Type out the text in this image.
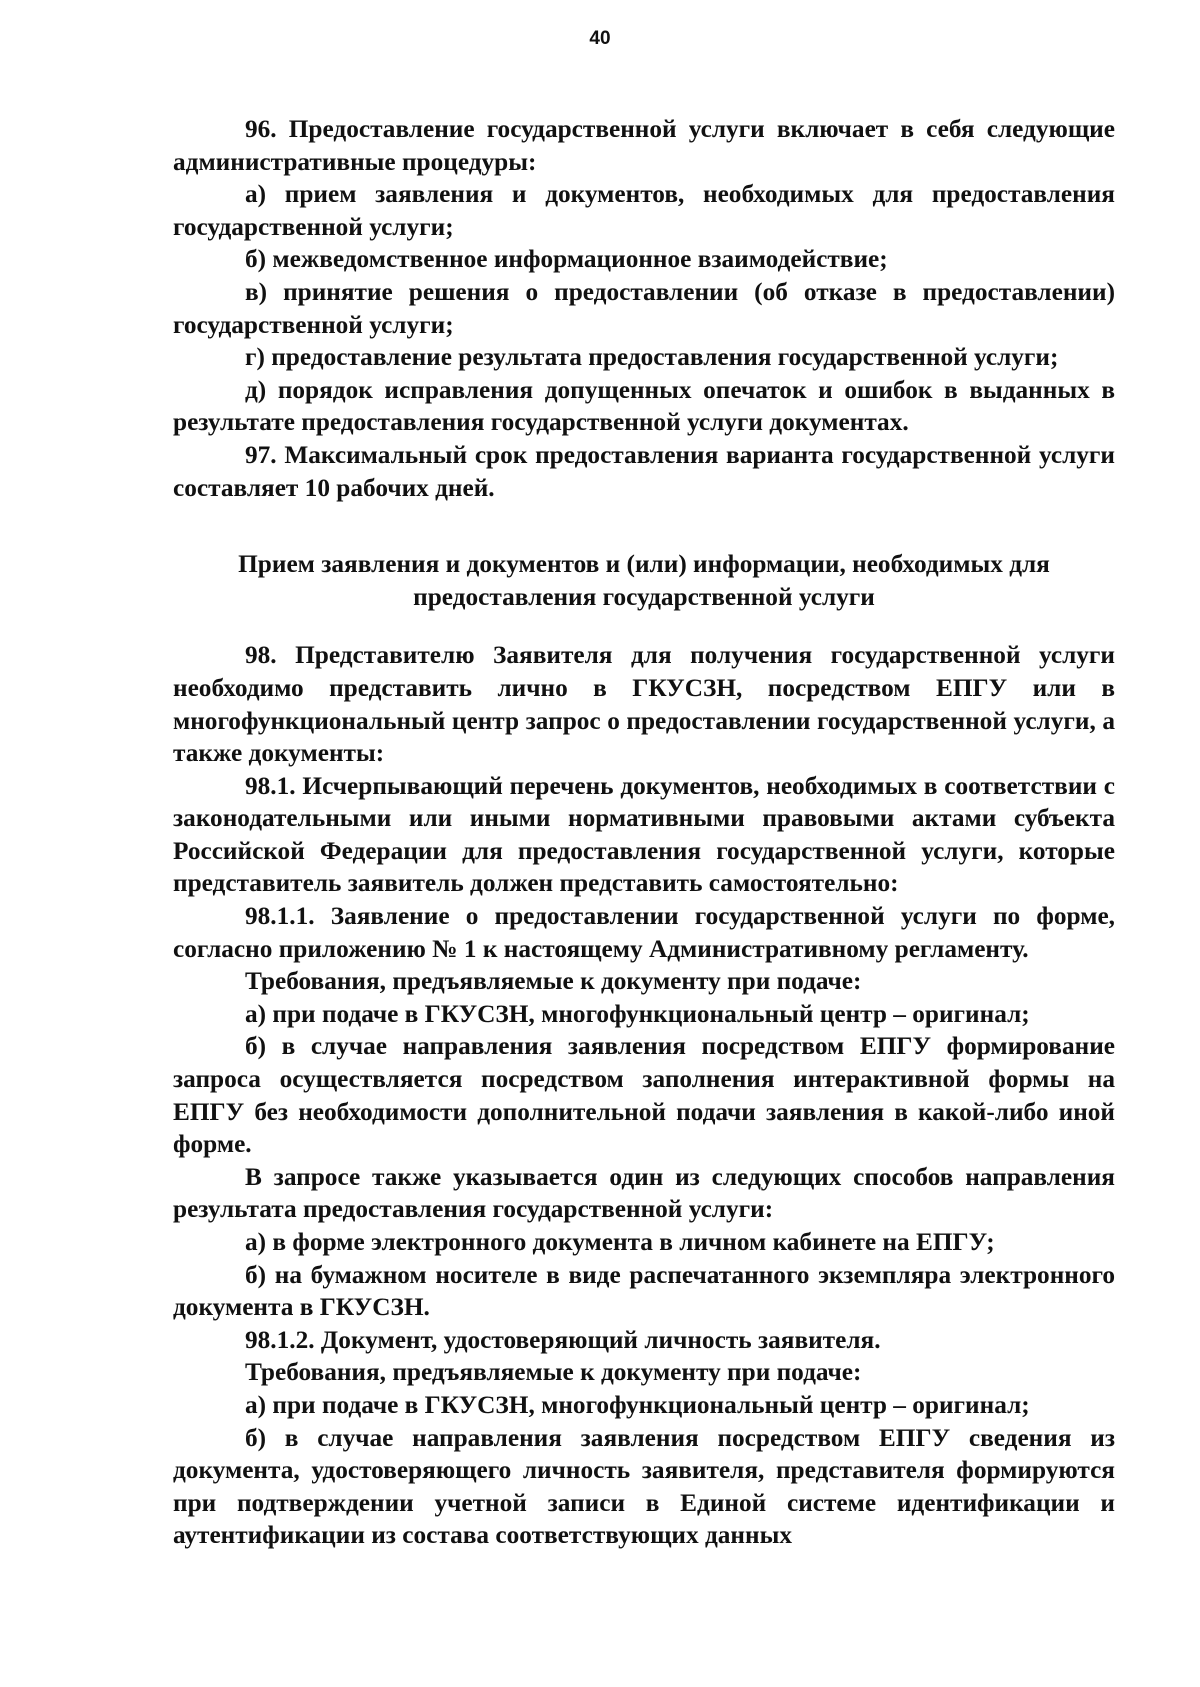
40

96. Предоставление государственной услуги включает в себя следующие административные процедуры:

а) прием заявления и документов, необходимых для предоставления государственной услуги;

б) межведомственное информационное взаимодействие;

в) принятие решения о предоставлении (об отказе в предоставлении) государственной услуги;

г) предоставление результата предоставления государственной услуги;

д) порядок исправления допущенных опечаток и ошибок в выданных в результате предоставления государственной услуги документах.

97. Максимальный срок предоставления варианта государственной услуги составляет 10 рабочих дней.

Прием заявления и документов и (или) информации, необходимых для предоставления государственной услуги

98. Представителю Заявителя для получения государственной услуги необходимо представить лично в ГКУСЗН, посредством ЕПГУ или в многофункциональный центр запрос о предоставлении государственной услуги, а также документы:

98.1. Исчерпывающий перечень документов, необходимых в соответствии с законодательными или иными нормативными правовыми актами субъекта Российской Федерации для предоставления государственной услуги, которые представитель заявитель должен представить самостоятельно:

98.1.1. Заявление о предоставлении государственной услуги по форме, согласно приложению № 1 к настоящему Административному регламенту.

Требования, предъявляемые к документу при подаче:

а) при подаче в ГКУСЗН, многофункциональный центр – оригинал;

б) в случае направления заявления посредством ЕПГУ формирование запроса осуществляется посредством заполнения интерактивной формы на ЕПГУ без необходимости дополнительной подачи заявления в какой-либо иной форме.

В запросе также указывается один из следующих способов направления результата предоставления государственной услуги:

а) в форме электронного документа в личном кабинете на ЕПГУ;

б) на бумажном носителе в виде распечатанного экземпляра электронного документа в ГКУСЗН.

98.1.2. Документ, удостоверяющий личность заявителя.

Требования, предъявляемые к документу при подаче:

а) при подаче в ГКУСЗН, многофункциональный центр – оригинал;

б) в случае направления заявления посредством ЕПГУ сведения из документа, удостоверяющего личность заявителя, представителя формируются при подтверждении учетной записи в Единой системе идентификации и аутентификации из состава соответствующих данных
